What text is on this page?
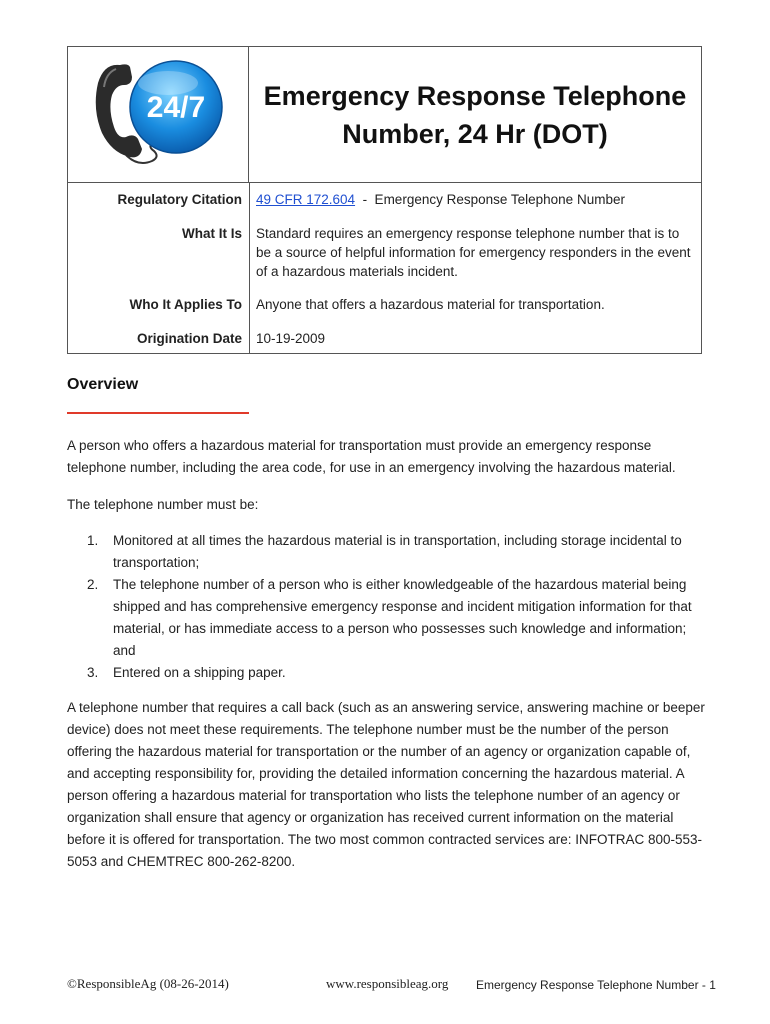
24/7 Emergency Response Telephone
Number, 24 Hr (DOT)
Regulatory Citation 49 CFR 172.604  -  Emergency Response Telephone Number
What It Is Standard requires an emergency response telephone number that is to be a source of helpful information for emergency responders in the event of a hazardous materials incident.
Who It Applies To Anyone that offers a hazardous material for transportation.
Origination Date 10-19-2009
Overview
A person who offers a hazardous material for transportation must provide an emergency response telephone number, including the area code, for use in an emergency involving the hazardous material.
The telephone number must be:
1. Monitored at all times the hazardous material is in transportation, including storage incidental to transportation;
2. The telephone number of a person who is either knowledgeable of the hazardous material being shipped and has comprehensive emergency response and incident mitigation information for that material, or has immediate access to a person who possesses such knowledge and information; and
3. Entered on a shipping paper.
A telephone number that requires a call back (such as an answering service, answering machine or beeper device) does not meet these requirements. The telephone number must be the number of the person offering the hazardous material for transportation or the number of an agency or organization capable of, and accepting responsibility for, providing the detailed information concerning the hazardous material. A person offering a hazardous material for transportation who lists the telephone number of an agency or organization shall ensure that agency or organization has received current information on the material before it is offered for transportation. The two most common contracted services are: INFOTRAC 800-553-5053 and CHEMTREC 800-262-8200.
©ResponsibleAg (08-26-2014)	www.responsibleag.org Emergency Response Telephone Number - 1
